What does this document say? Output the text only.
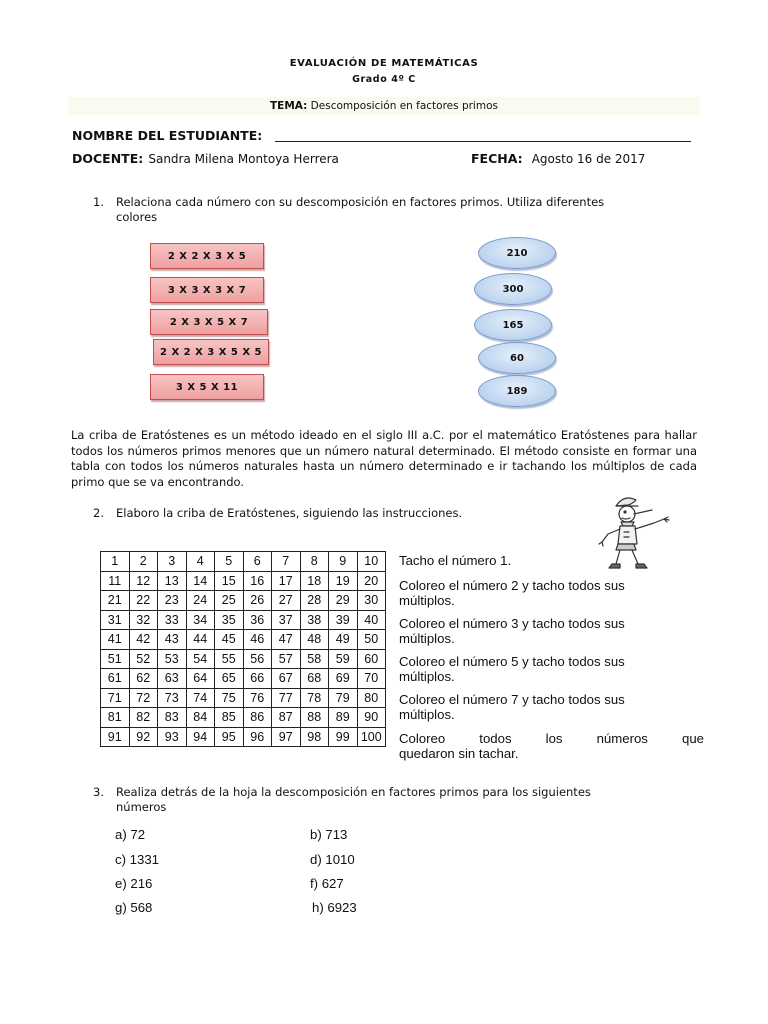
EVALUACIÓN DE MATEMÁTICAS
Grado 4º C
TEMA: Descomposición en factores primos
NOMBRE DEL ESTUDIANTE:
DOCENTE: Sandra Milena Montoya Herrera	FECHA: Agosto 16 de 2017
1. Relaciona cada número con su descomposición en factores primos. Utiliza diferentes
colores
2 X 2 X 3 X 5
3 X 3 X 3 X 7
2 X 3 X 5 X 7
2 X 2 X 3 X 5 X 5
3 X 5 X 11
210
300
165
60
189
La criba de Eratóstenes es un método ideado en el siglo III a.C. por el matemático Eratóstenes para hallar todos los números primos menores que un número natural determinado. El método consiste en formar una tabla con todos los números naturales hasta un número determinado e ir tachando los múltiplos de cada primo que se va encontrando.
2. Elaboro la criba de Eratóstenes, siguiendo las instrucciones.
1	2	3	4	5	6	7	8	9	10
11	12	13	14	15	16	17	18	19	20
21	22	23	24	25	26	27	28	29	30
31	32	33	34	35	36	37	38	39	40
41	42	43	44	45	46	47	48	49	50
51	52	53	54	55	56	57	58	59	60
61	62	63	64	65	66	67	68	69	70
71	72	73	74	75	76	77	78	79	80
81	82	83	84	85	86	87	88	89	90
91	92	93	94	95	96	97	98	99	100
Tacho el número 1.
Coloreo el número 2 y tacho todos sus múltiplos.
Coloreo el número 3 y tacho todos sus múltiplos.
Coloreo el número 5 y tacho todos sus múltiplos.
Coloreo el número 7 y tacho todos sus múltiplos.
Coloreo     todos     los     números     que
quedaron sin tachar.
3. Realiza detrás de la hoja la descomposición en factores primos para los siguientes
números
a) 72
c) 1331
e) 216
g) 568
b) 713
d) 1010
f) 627
h) 6923
